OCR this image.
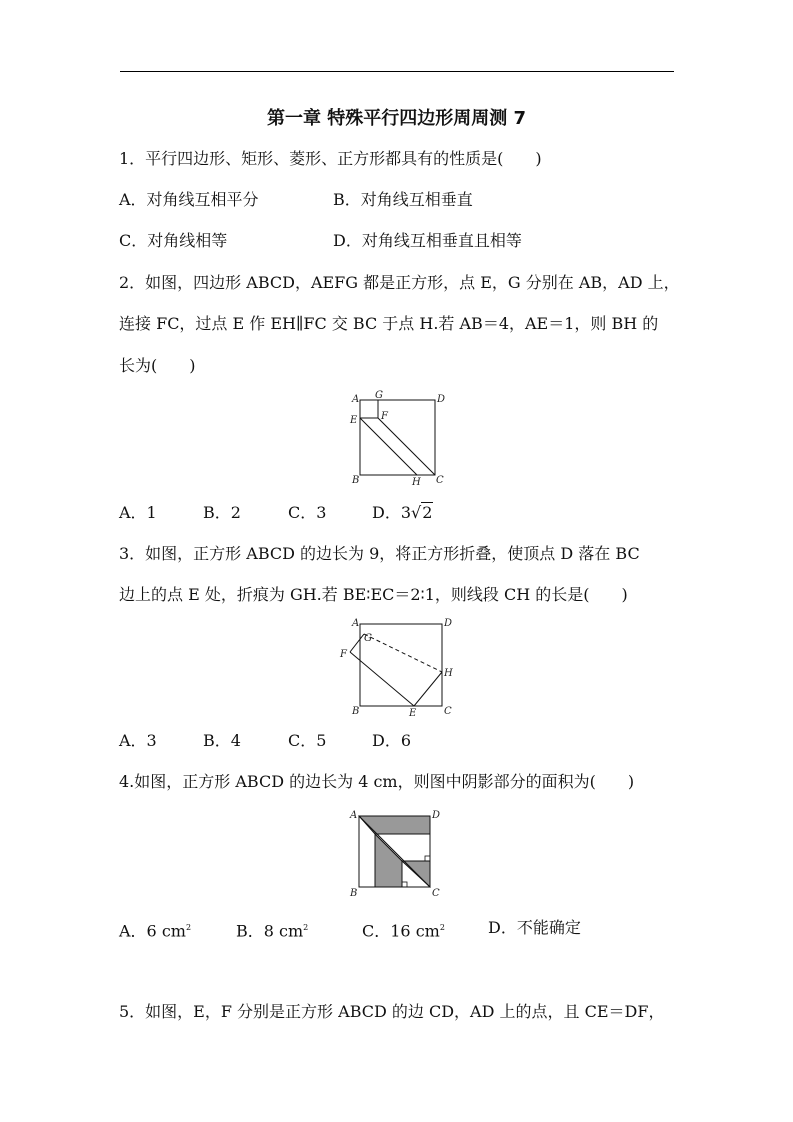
第一章 特殊平行四边形周周测 7
1．平行四边形、矩形、菱形、正方形都具有的性质是(　　)
A．对角线互相平分	B．对角线互相垂直
C．对角线相等	D．对角线互相垂直且相等
2．如图，四边形 ABCD，AEFG 都是正方形，点 E，G 分别在 AB，AD 上，
连接 FC，过点 E 作 EH∥FC 交 BC 于点 H.若 AB＝4，AE＝1，则 BH 的
长为(　　)
A G	D
E F
B	H C
A．1	B．2	C．3	D．3√2
3．如图，正方形 ABCD 的边长为 9，将正方形折叠，使顶点 D 落在 BC
边上的点 E 处，折痕为 GH.若 BE∶EC＝2∶1，则线段 CH 的长是(　　)
A
G
D
F
H
B	E	C
A．3	B．4	C．5	D．6
4.如图，正方形 ABCD 的边长为 4 cm，则图中阴影部分的面积为(　　)
A	D
B	C
A．6 $cm^2$	B．8 $cm^2$	C．16 $cm^2$	D．不能确定
5．如图，E，F 分别是正方形 ABCD 的边 CD，AD 上的点，且 CE＝DF，
